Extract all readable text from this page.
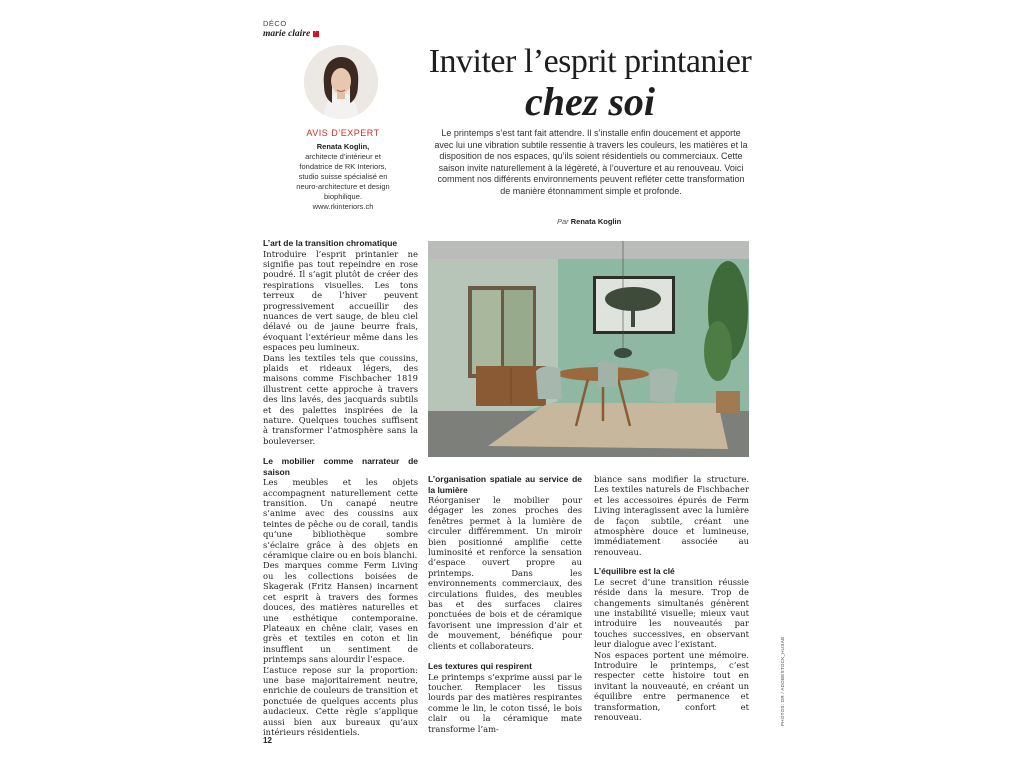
DÉCO
marie claire+
AVIS D’EXPERT
Renata Koglin,
architecte d’intérieur et
fondatrice de RK Interiors,
studio suisse spécialisé en
neuro-architecture et design
biophilique.
www.rkinteriors.ch
Inviter l’esprit printanier
chez soi
Le printemps s’est tant fait attendre. Il s’installe enfin doucement et apporte avec lui une vibration subtile ressentie à travers les couleurs, les matières et la disposition de nos espaces, qu’ils soient résidentiels ou commerciaux. Cette saison invite naturellement à la légèreté, à l’ouverture et au renouveau. Voici comment nos différents environnements peuvent refléter cette transformation de manière étonnamment simple et profonde.
Par Renata Koglin
L’art de la transition chromatique

Introduire l’esprit printanier ne signifie pas tout repeindre en rose poudré. Il s’agit plutôt de créer des respirations visuelles. Les tons terreux de l’hiver peuvent progressivement accueillir des nuances de vert sauge, de bleu ciel délavé ou de jaune beurre frais, évoquant l’extérieur même dans les espaces peu lumineux.

Dans les textiles tels que coussins, plaids et rideaux légers, des maisons comme Fischbacher 1819 illustrent cette approche à travers des lins lavés, des jacquards subtils et des palettes inspirées de la nature. Quelques touches suffisent à transformer l’atmosphère sans la bouleverser.

Le mobilier comme narrateur de saison

Les meubles et les objets accompagnent naturellement cette transition. Un canapé neutre s’anime avec des coussins aux teintes de pêche ou de corail, tandis qu’une bibliothèque sombre s’éclaire grâce à des objets en céramique claire ou en bois blanchi.

Des marques comme Ferm Living ou les collections boisées de Skagerak (Fritz Hansen) incarnent cet esprit à travers des formes douces, des matières naturelles et une esthétique contemporaine. Plateaux en chêne clair, vases en grès et textiles en coton et lin insufflent un sentiment de printemps sans alourdir l’espace.

L’astuce repose sur la proportion: une base majoritairement neutre, enrichie de couleurs de transition et ponctuée de quelques accents plus audacieux. Cette règle s’applique aussi bien aux bureaux qu’aux intérieurs résidentiels.

L’organisation spatiale au service de la lumière

Réorganiser le mobilier pour dégager les zones proches des fenêtres permet à la lumière de circuler différemment. Un miroir bien positionné amplifie cette luminosité et renforce la sensation d’espace ouvert propre au printemps. Dans les environnements commerciaux, des circulations fluides, des meubles bas et des surfaces claires ponctuées de bois et de céramique favorisent une impression d’air et de mouvement, bénéfique pour clients et collaborateurs.

Les textures qui respirent

Le printemps s’exprime aussi par le toucher. Remplacer les tissus lourds par des matières respirantes comme le lin, le coton tissé, le bois clair ou la céramique mate transforme l’am-

biance sans modifier la structure. Les textiles naturels de Fischbacher et les accessoires épurés de Ferm Living interagissent avec la lumière de façon subtile, créant une atmosphère douce et lumineuse, immédiatement associée au renouveau.

L’équilibre est la clé

Le secret d’une transition réussie réside dans la mesure. Trop de changements simultanés génèrent une instabilité visuelle; mieux vaut introduire les nouveautés par touches successives, en observant leur dialogue avec l’existant.

Nos espaces portent une mémoire. Introduire le printemps, c’est respecter cette histoire tout en invitant la nouveauté, en créant un équilibre entre permanence et transformation, confort et renouveau.	PHOTOS: DR / ADOBESTOCK_HUSAB
12
